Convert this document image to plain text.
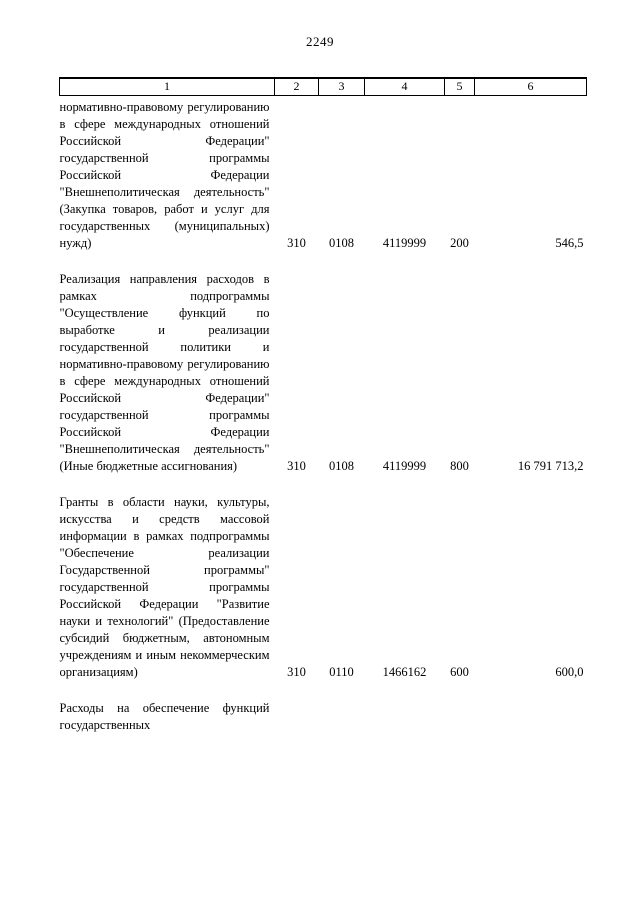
2249
1	2	3	4	5	6
нормативно-правовому регулированию в сфере международных отношений Российской Федерации" государственной программы Российской Федерации "Внешнеполитическая деятельность" (Закупка товаров, работ и услуг для государственных (муниципальных) нужд)	310	0108	4119999	200	546,5
Реализация направления расходов в рамках подпрограммы "Осуществление функций по выработке и реализации государственной политики и нормативно-правовому регулированию в сфере международных отношений Российской Федерации" государственной программы Российской Федерации "Внешнеполитическая деятельность" (Иные бюджетные ассигнования)	310	0108	4119999	800	16 791 713,2
Гранты в области науки, культуры, искусства и средств массовой информации в рамках подпрограммы "Обеспечение реализации Государственной программы" государственной программы Российской Федерации "Развитие науки и технологий" (Предоставление субсидий бюджетным, автономным учреждениям и иным некоммерческим организациям)	310	0110	1466162	600	600,0
Расходы на обеспечение функций государственных					
